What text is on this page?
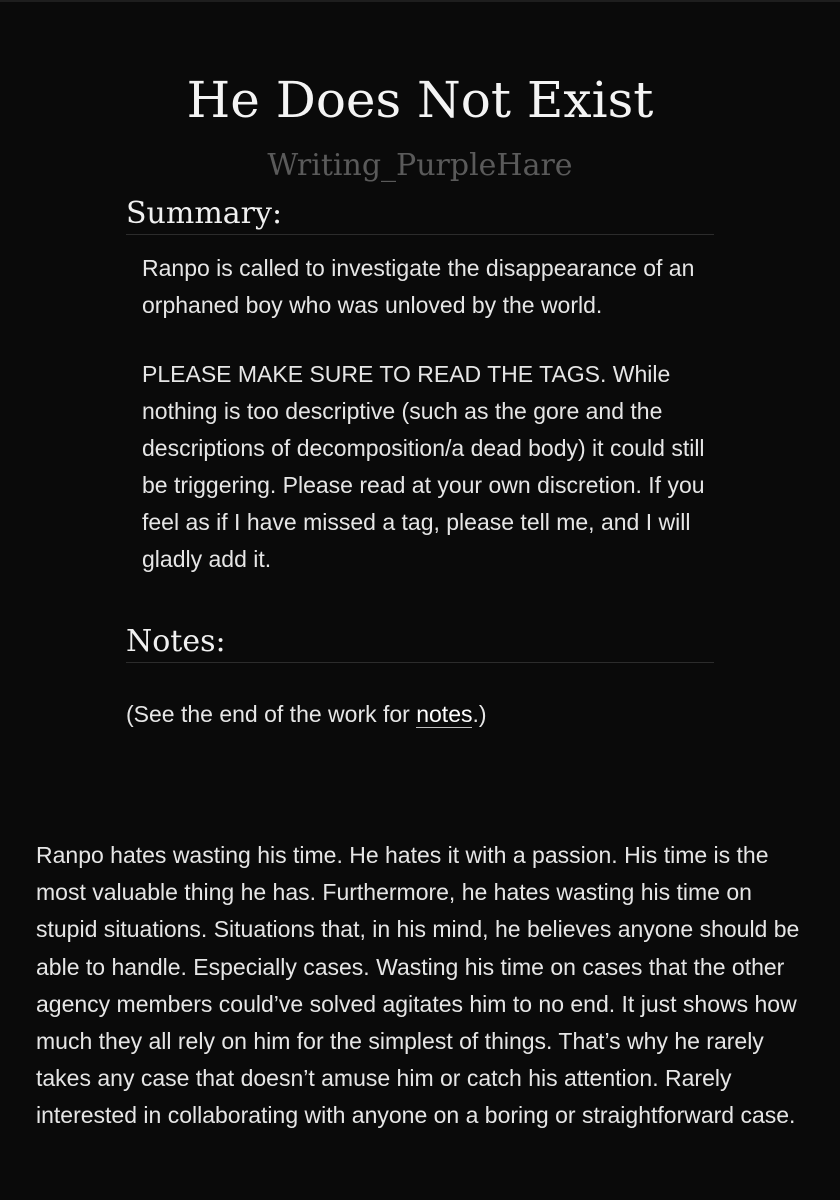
He Does Not Exist
Writing_PurpleHare
Summary:

Ranpo is called to investigate the disappearance of an orphaned boy who was unloved by the world.

PLEASE MAKE SURE TO READ THE TAGS. While nothing is too descriptive (such as the gore and the descriptions of decomposition/a dead body) it could still be triggering. Please read at your own discretion. If you feel as if I have missed a tag, please tell me, and I will gladly add it.

Notes:

(See the end of the work for notes.)

Ranpo hates wasting his time. He hates it with a passion. His time is the most valuable thing he has. Furthermore, he hates wasting his time on stupid situations. Situations that, in his mind, he believes anyone should be able to handle. Especially cases. Wasting his time on cases that the other agency members could’ve solved agitates him to no end. It just shows how much they all rely on him for the simplest of things. That’s why he rarely takes any case that doesn’t amuse him or catch his attention. Rarely interested in collaborating with anyone on a boring or straightforward case.
